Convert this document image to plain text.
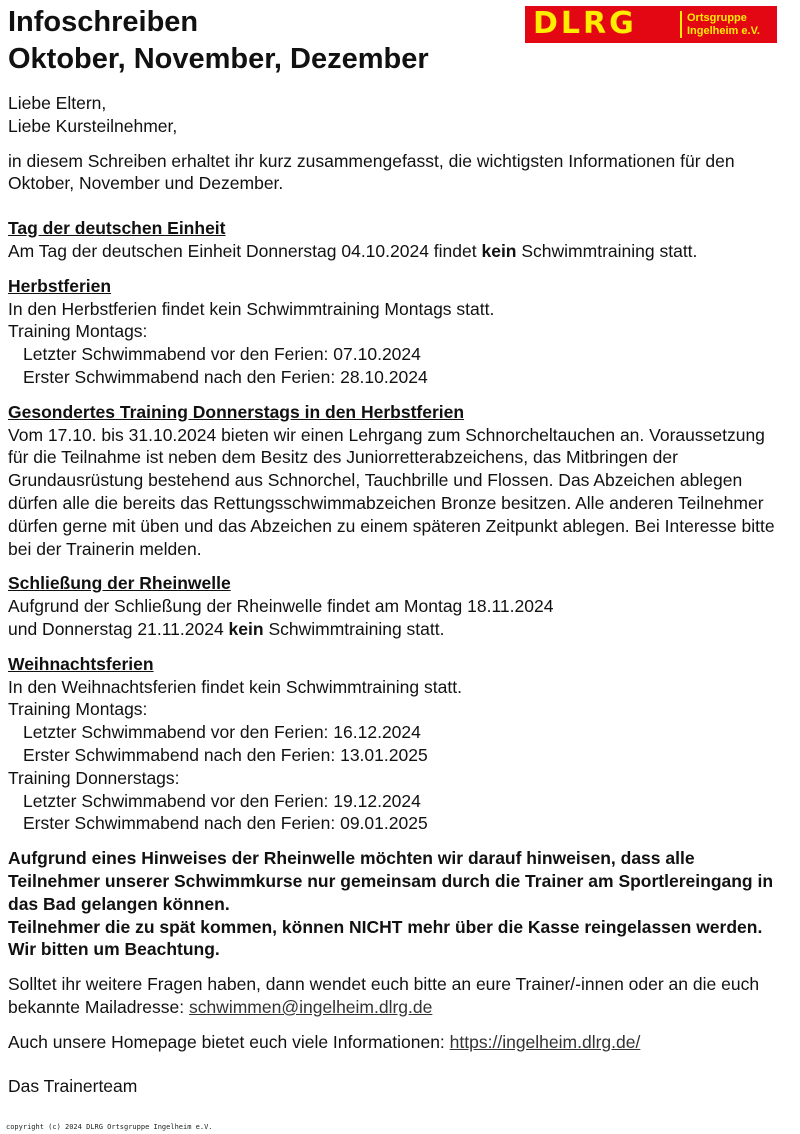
Infoschreiben
Oktober, November, Dezember
DLRG	Ortsgruppe
Ingelheim e.V.
Liebe Eltern,
Liebe Kursteilnehmer,
in diesem Schreiben erhaltet ihr kurz zusammengefasst, die wichtigsten Informationen für den Oktober, November und Dezember.
Tag der deutschen Einheit
Am Tag der deutschen Einheit Donnerstag 04.10.2024 findet kein Schwimmtraining statt.
Herbstferien
In den Herbstferien findet kein Schwimmtraining Montags statt.
Training Montags:
Letzter Schwimmabend vor den Ferien: 07.10.2024
Erster Schwimmabend nach den Ferien: 28.10.2024
Gesondertes Training Donnerstags in den Herbstferien
Vom 17.10. bis 31.10.2024 bieten wir einen Lehrgang zum Schnorcheltauchen an. Voraussetzung für die Teilnahme ist neben dem Besitz des Juniorretterabzeichens, das Mitbringen der Grundausrüstung bestehend aus Schnorchel, Tauchbrille und Flossen. Das Abzeichen ablegen dürfen alle die bereits das Rettungsschwimmabzeichen Bronze besitzen. Alle anderen Teilnehmer dürfen gerne mit üben und das Abzeichen zu einem späteren Zeitpunkt ablegen. Bei Interesse bitte bei der Trainerin melden.
Schließung der Rheinwelle
Aufgrund der Schließung der Rheinwelle findet am Montag 18.11.2024
und Donnerstag 21.11.2024 kein Schwimmtraining statt.
Weihnachtsferien
In den Weihnachtsferien findet kein Schwimmtraining statt.
Training Montags:
Letzter Schwimmabend vor den Ferien: 16.12.2024
Erster Schwimmabend nach den Ferien: 13.01.2025
Training Donnerstags:
Letzter Schwimmabend vor den Ferien: 19.12.2024
Erster Schwimmabend nach den Ferien: 09.01.2025
Aufgrund eines Hinweises der Rheinwelle möchten wir darauf hinweisen, dass alle Teilnehmer unserer Schwimmkurse nur gemeinsam durch die Trainer am Sportlereingang in das Bad gelangen können.
Teilnehmer die zu spät kommen, können NICHT mehr über die Kasse reingelassen werden. Wir bitten um Beachtung.
Solltet ihr weitere Fragen haben, dann wendet euch bitte an eure Trainer/-innen oder an die euch bekannte Mailadresse: schwimmen@ingelheim.dlrg.de
Auch unsere Homepage bietet euch viele Informationen: https://ingelheim.dlrg.de/
Das Trainerteam
copyright (c) 2024 DLRG Ortsgruppe Ingelheim e.V.
